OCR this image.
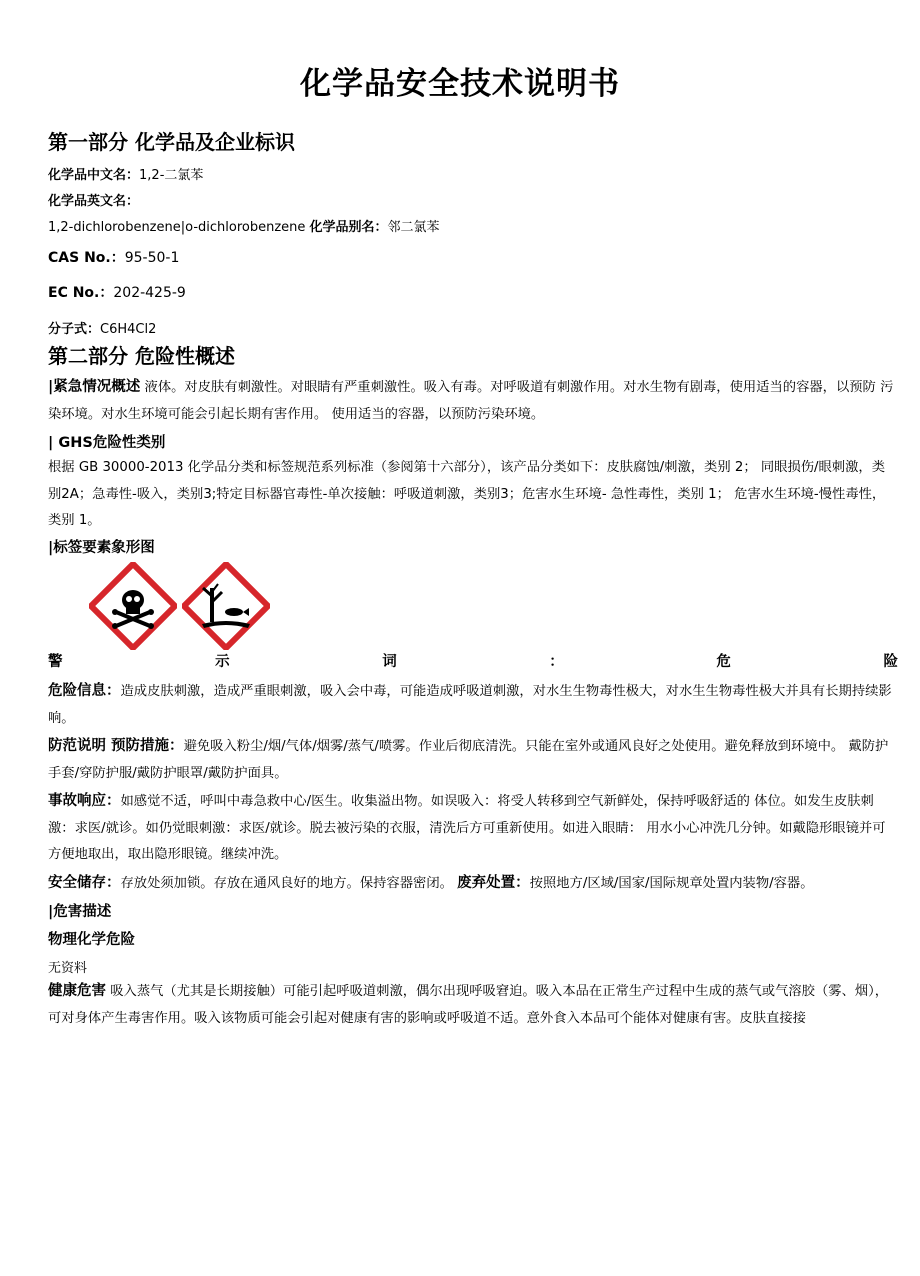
化学品安全技术说明书
第一部分 化学品及企业标识
化学品中文名：1,2-二氯苯
化学品英文名：
1,2-dichlorobenzene|o-dichlorobenzene 化学品别名：邻二氯苯
CAS No.：95-50-1
EC No.：202-425-9
分子式：C6H4Cl2
第二部分 危险性概述
|紧急情况概述 液体。对皮肤有刺激性。对眼睛有严重刺激性。吸入有毒。对呼吸道有刺激作用。对水生物有剧毒，使用适当的容器，以预防 污染环境。对水生环境可能会引起长期有害作用。 使用适当的容器，以预防污染环境。
| GHS危险性类别
根据 GB 30000-2013 化学品分类和标签规范系列标准（参阅第十六部分），该产品分类如下：皮肤腐蚀/刺激，类别 2； 同眼损伤/眼刺激，类别2A；急毒性-吸入，类别3;特定目标器官毒性-单次接触：呼吸道刺激，类别3；危害水生环境- 急性毒性，类别 1； 危害水生环境-慢性毒性，类别 1。
|标签要素象形图
警	示	词	：	危	险
危险信息：造成皮肤刺激，造成严重眼刺激，吸入会中毒，可能造成呼吸道刺激，对水生生物毒性极大，对水生生物毒性极大并具有长期持续影响。
防范说明 预防措施：避免吸入粉尘/烟/气体/烟雾/蒸气/喷雾。作业后彻底清洗。只能在室外或通风良好之处使用。避免释放到环境中。 戴防护手套/穿防护服/戴防护眼罩/戴防护面具。
事故响应：如感觉不适，呼叫中毒急救中心/医生。收集溢出物。如误吸入：将受人转移到空气新鲜处，保持呼吸舒适的 体位。如发生皮肤刺激：求医/就诊。如仍觉眼刺激：求医/就诊。脱去被污染的衣服，清洗后方可重新使用。如进入眼睛： 用水小心冲洗几分钟。如戴隐形眼镜并可 方便地取出，取出隐形眼镜。继续冲洗。
安全储存：存放处须加锁。存放在通风良好的地方。保持容器密闭。 废弃处置：按照地方/区域/国家/国际规章处置内装物/容器。
|危害描述
物理化学危险
无资料
健康危害 吸入蒸气（尤其是长期接触）可能引起呼吸道刺激，偶尔出现呼吸窘迫。吸入本品在正常生产过程中生成的蒸气或气溶胶（雾、烟）， 可对身体产生毒害作用。吸入该物质可能会引起对健康有害的影响或呼吸道不适。意外食入本品可个能体对健康有害。皮肤直接接
